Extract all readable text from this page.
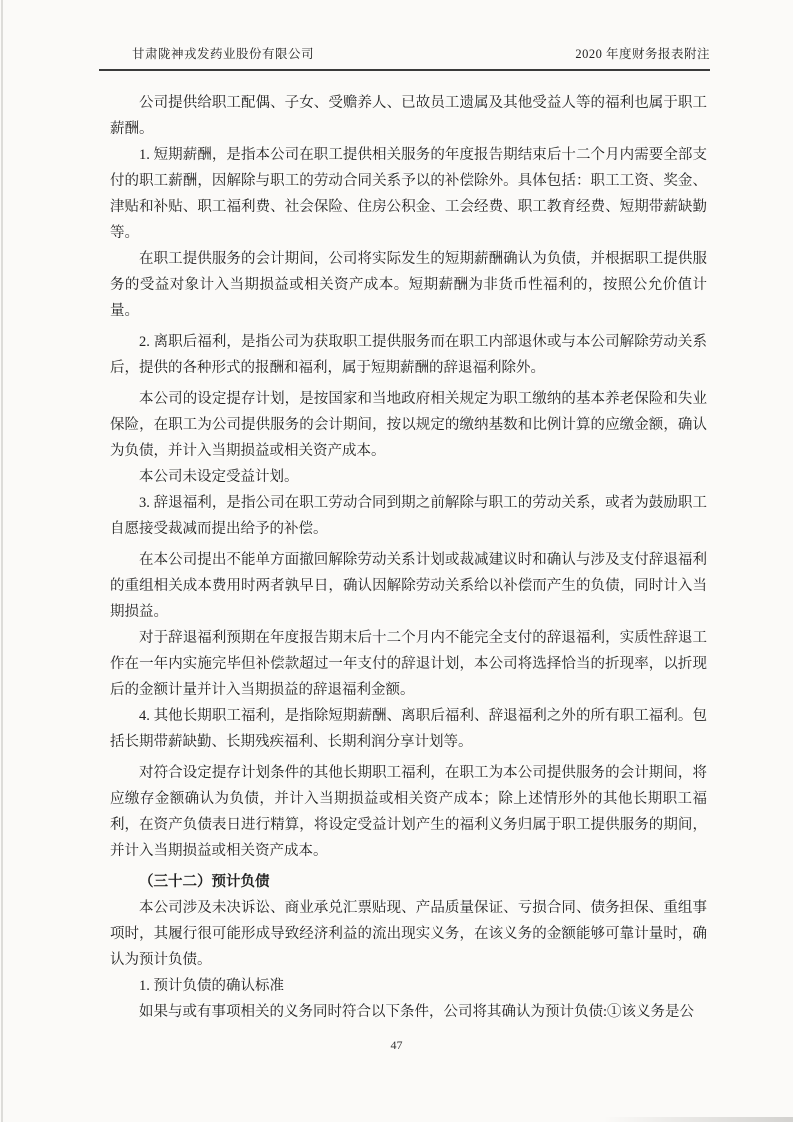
甘肃陇神戎发药业股份有限公司	2020 年度财务报表附注

公司提供给职工配偶、子女、受赡养人、已故员工遗属及其他受益人等的福利也属于职工薪酬。

1. 短期薪酬，是指本公司在职工提供相关服务的年度报告期结束后十二个月内需要全部支付的职工薪酬，因解除与职工的劳动合同关系予以的补偿除外。具体包括：职工工资、奖金、津贴和补贴、职工福利费、社会保险、住房公积金、工会经费、职工教育经费、短期带薪缺勤等。

在职工提供服务的会计期间，公司将实际发生的短期薪酬确认为负债，并根据职工提供服务的受益对象计入当期损益或相关资产成本。短期薪酬为非货币性福利的，按照公允价值计量。

2. 离职后福利，是指公司为获取职工提供服务而在职工内部退休或与本公司解除劳动关系后，提供的各种形式的报酬和福利，属于短期薪酬的辞退福利除外。

本公司的设定提存计划，是按国家和当地政府相关规定为职工缴纳的基本养老保险和失业保险，在职工为公司提供服务的会计期间，按以规定的缴纳基数和比例计算的应缴金额，确认为负债，并计入当期损益或相关资产成本。

本公司未设定受益计划。

3. 辞退福利，是指公司在职工劳动合同到期之前解除与职工的劳动关系，或者为鼓励职工自愿接受裁减而提出给予的补偿。

在本公司提出不能单方面撤回解除劳动关系计划或裁减建议时和确认与涉及支付辞退福利的重组相关成本费用时两者孰早日，确认因解除劳动关系给以补偿而产生的负债，同时计入当期损益。

对于辞退福利预期在年度报告期末后十二个月内不能完全支付的辞退福利，实质性辞退工作在一年内实施完毕但补偿款超过一年支付的辞退计划，本公司将选择恰当的折现率，以折现后的金额计量并计入当期损益的辞退福利金额。

4. 其他长期职工福利，是指除短期薪酬、离职后福利、辞退福利之外的所有职工福利。包括长期带薪缺勤、长期残疾福利、长期利润分享计划等。

对符合设定提存计划条件的其他长期职工福利，在职工为本公司提供服务的会计期间，将应缴存金额确认为负债，并计入当期损益或相关资产成本；除上述情形外的其他长期职工福利，在资产负债表日进行精算，将设定受益计划产生的福利义务归属于职工提供服务的期间，并计入当期损益或相关资产成本。

（三十二）预计负债

本公司涉及未决诉讼、商业承兑汇票贴现、产品质量保证、亏损合同、债务担保、重组事项时，其履行很可能形成导致经济利益的流出现实义务，在该义务的金额能够可靠计量时，确认为预计负债。

1. 预计负债的确认标准

如果与或有事项相关的义务同时符合以下条件，公司将其确认为预计负债:①该义务是公

47
